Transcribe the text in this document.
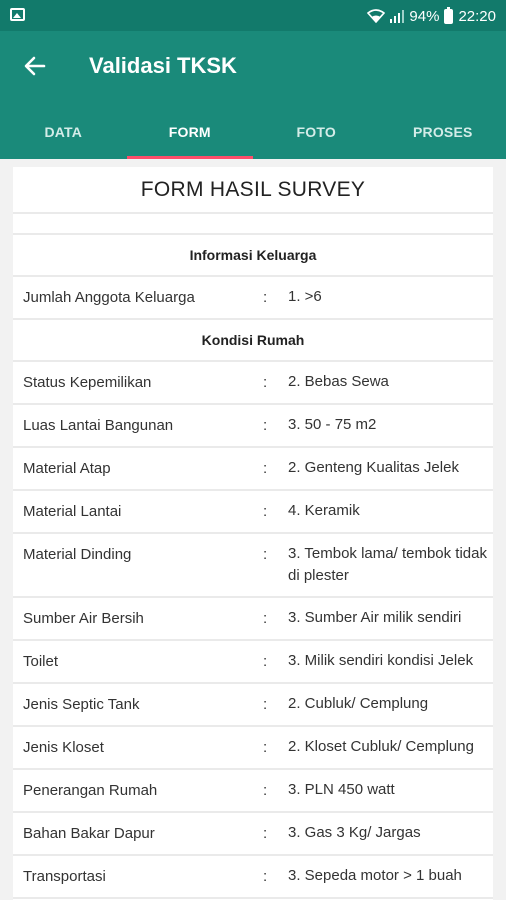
94% 22:20
Validasi TKSK
DATA	FORM	FOTO	PROSES
FORM HASIL SURVEY
Informasi Keluarga
Jumlah Anggota Keluarga	: 1. >6
Kondisi Rumah
Status Kepemilikan	: 2. Bebas Sewa
Luas Lantai Bangunan	: 3. 50 - 75 m2
Material Atap	: 2. Genteng Kualitas Jelek
Material Lantai	: 4. Keramik
Material Dinding	: 3. Tembok lama/ tembok tidak di plester
Sumber Air Bersih	: 3. Sumber Air milik sendiri
Toilet	: 3. Milik sendiri kondisi Jelek
Jenis Septic Tank	: 2. Cubluk/ Cemplung
Jenis Kloset	: 2. Kloset Cubluk/ Cemplung
Penerangan Rumah	: 3. PLN 450 watt
Bahan Bakar Dapur	: 3. Gas 3 Kg/ Jargas
Transportasi	: 3. Sepeda motor > 1 buah
